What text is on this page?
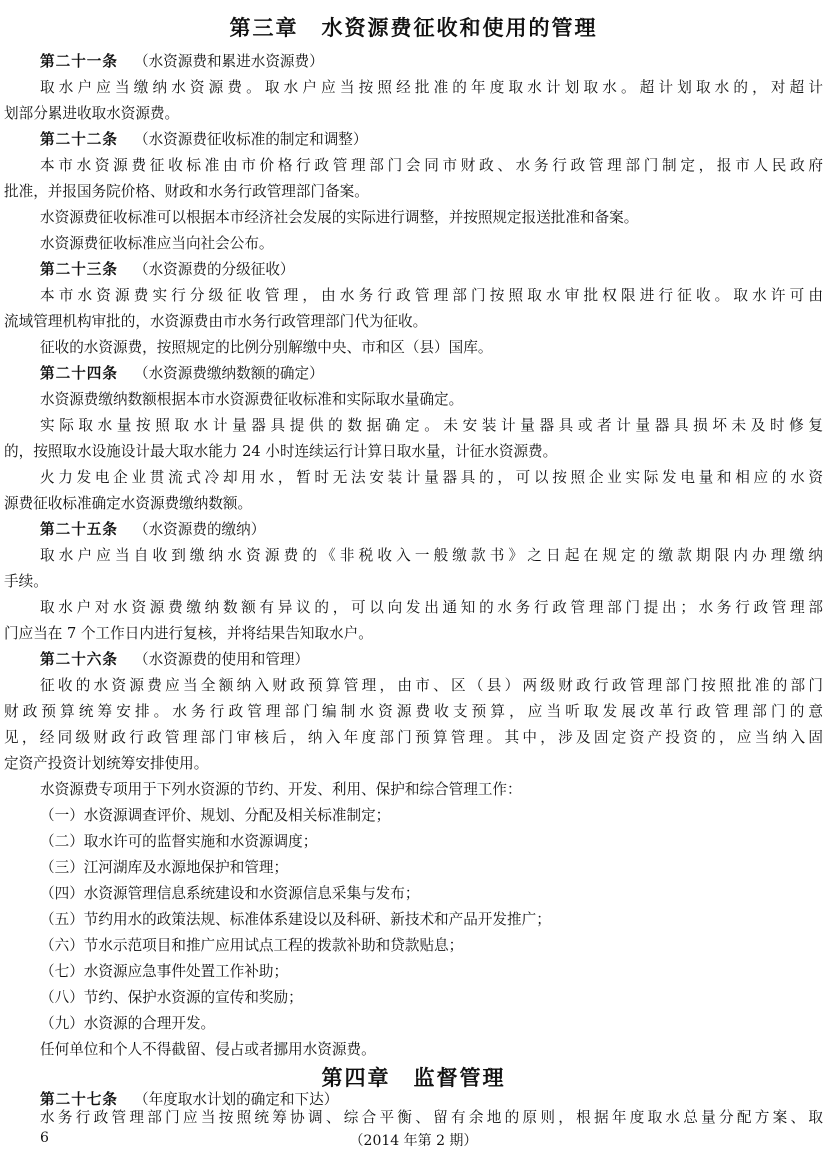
第三章　水资源费征收和使用的管理
第二十一条 （水资源费和累进水资源费）
取水户应当缴纳水资源费。取水户应当按照经批准的年度取水计划取水。超计划取水的，对超计
划部分累进收取水资源费。
第二十二条 （水资源费征收标准的制定和调整）
本市水资源费征收标准由市价格行政管理部门会同市财政、水务行政管理部门制定，报市人民政府
批准，并报国务院价格、财政和水务行政管理部门备案。
水资源费征收标准可以根据本市经济社会发展的实际进行调整，并按照规定报送批准和备案。
水资源费征收标准应当向社会公布。
第二十三条 （水资源费的分级征收）
本市水资源费实行分级征收管理，由水务行政管理部门按照取水审批权限进行征收。取水许可由
流域管理机构审批的，水资源费由市水务行政管理部门代为征收。
征收的水资源费，按照规定的比例分别解缴中央、市和区（县）国库。
第二十四条 （水资源费缴纳数额的确定）
水资源费缴纳数额根据本市水资源费征收标准和实际取水量确定。
实际取水量按照取水计量器具提供的数据确定。未安装计量器具或者计量器具损坏未及时修复
的，按照取水设施设计最大取水能力 24 小时连续运行计算日取水量，计征水资源费。
火力发电企业贯流式冷却用水，暂时无法安装计量器具的，可以按照企业实际发电量和相应的水资
源费征收标准确定水资源费缴纳数额。
第二十五条 （水资源费的缴纳）
取水户应当自收到缴纳水资源费的《非税收入一般缴款书》之日起在规定的缴款期限内办理缴纳
手续。
取水户对水资源费缴纳数额有异议的，可以向发出通知的水务行政管理部门提出；水务行政管理部
门应当在 7 个工作日内进行复核，并将结果告知取水户。
第二十六条 （水资源费的使用和管理）
征收的水资源费应当全额纳入财政预算管理，由市、区（县）两级财政行政管理部门按照批准的部门
财政预算统筹安排。水务行政管理部门编制水资源费收支预算，应当听取发展改革行政管理部门的意
见，经同级财政行政管理部门审核后，纳入年度部门预算管理。其中，涉及固定资产投资的，应当纳入固
定资产投资计划统筹安排使用。
水资源费专项用于下列水资源的节约、开发、利用、保护和综合管理工作：
（一）水资源调查评价、规划、分配及相关标准制定；
（二）取水许可的监督实施和水资源调度；
（三）江河湖库及水源地保护和管理；
（四）水资源管理信息系统建设和水资源信息采集与发布；
（五）节约用水的政策法规、标准体系建设以及科研、新技术和产品开发推广；
（六）节水示范项目和推广应用试点工程的拨款补助和贷款贴息；
（七）水资源应急事件处置工作补助；
（八）节约、保护水资源的宣传和奖励；
（九）水资源的合理开发。
任何单位和个人不得截留、侵占或者挪用水资源费。
第四章　监督管理
第二十七条 （年度取水计划的确定和下达）
水务行政管理部门应当按照统筹协调、综合平衡、留有余地的原则，根据年度取水总量分配方案、取
6	（2014 年第 2 期）
